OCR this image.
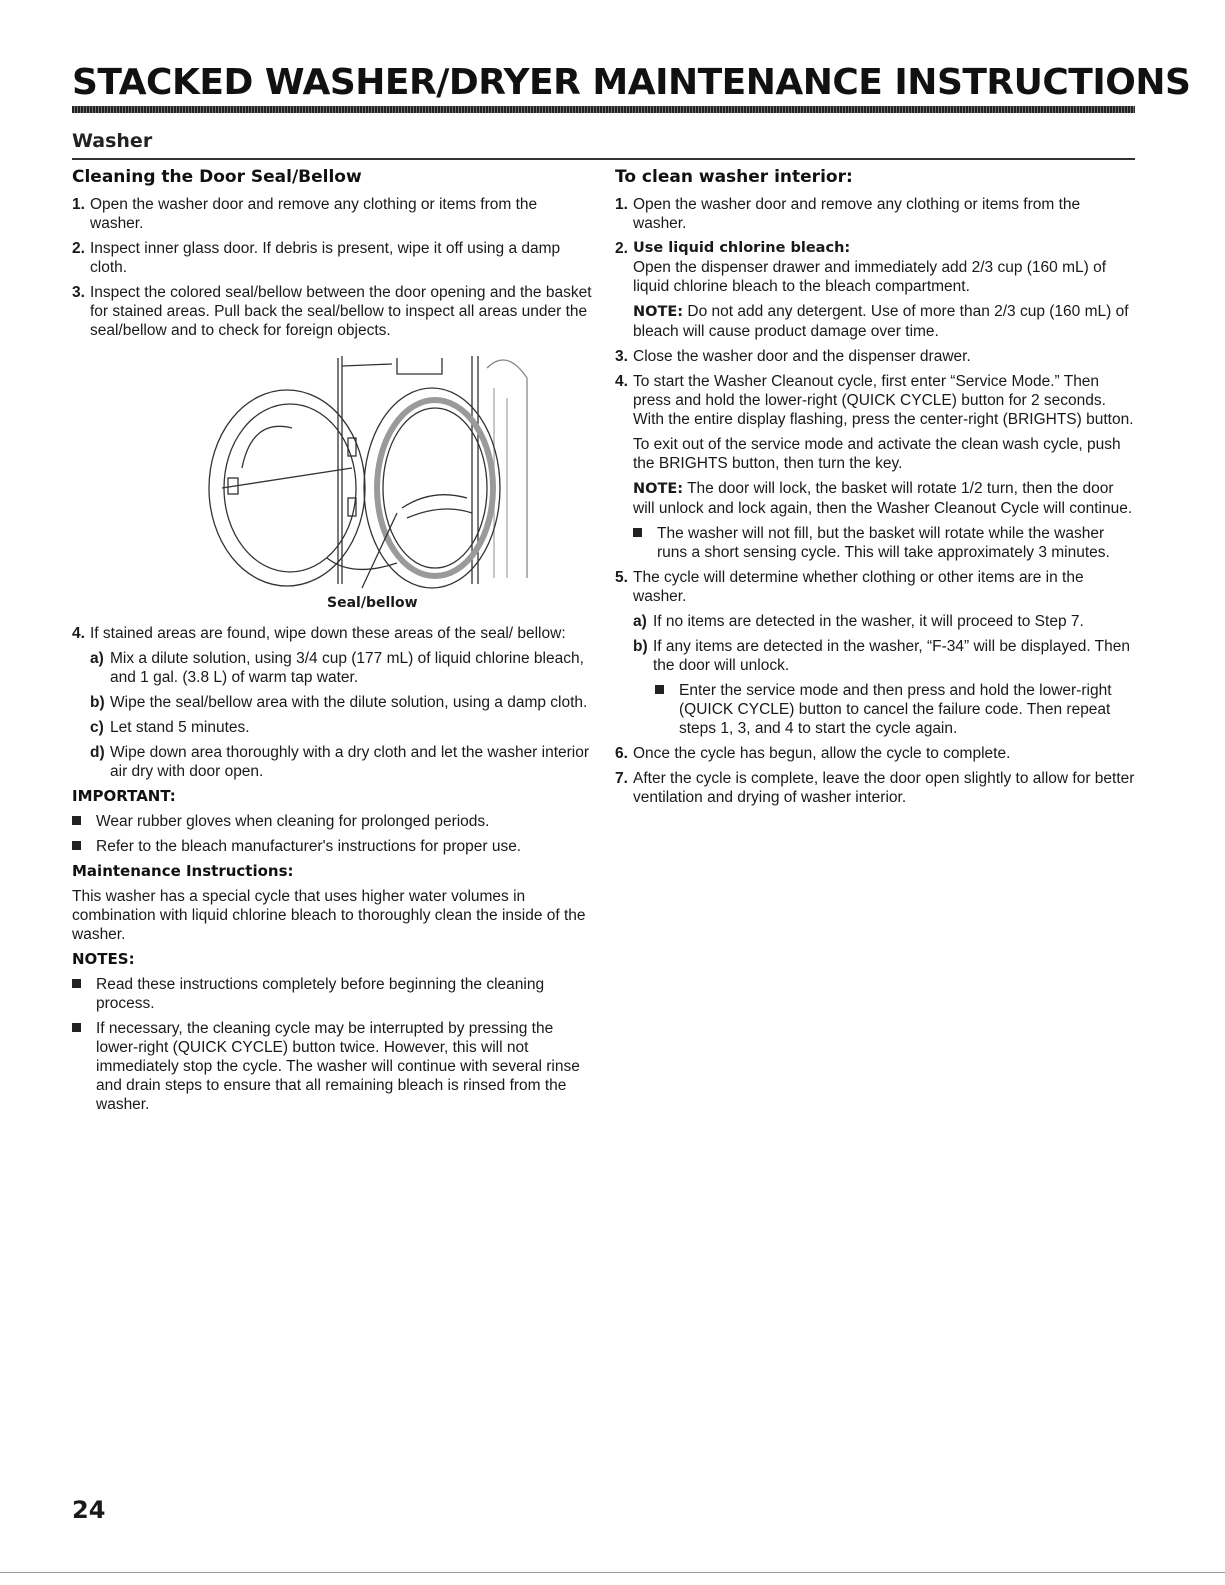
STACKED WASHER/DRYER MAINTENANCE INSTRUCTIONS
Washer
Cleaning the Door Seal/Bellow
1. Open the washer door and remove any clothing or items from the washer.
2. Inspect inner glass door. If debris is present, wipe it off using a damp cloth.
3. Inspect the colored seal/bellow between the door opening and the basket for stained areas. Pull back the seal/bellow to inspect all areas under the seal/bellow and to check for foreign objects.
Seal/bellow
4. If stained areas are found, wipe down these areas of the seal/ bellow:
a) Mix a dilute solution, using 3/4 cup (177 mL) of liquid chlorine bleach, and 1 gal. (3.8 L) of warm tap water.
b) Wipe the seal/bellow area with the dilute solution, using a damp cloth.
c) Let stand 5 minutes.
d) Wipe down area thoroughly with a dry cloth and let the washer interior air dry with door open.
IMPORTANT:
Wear rubber gloves when cleaning for prolonged periods.
Refer to the bleach manufacturer's instructions for proper use.
Maintenance Instructions:

This washer has a special cycle that uses higher water volumes in combination with liquid chlorine bleach to thoroughly clean the inside of the washer.

NOTES:
Read these instructions completely before beginning the cleaning process.
If necessary, the cleaning cycle may be interrupted by pressing the lower-right (QUICK CYCLE) button twice. However, this will not immediately stop the cycle. The washer will continue with several rinse and drain steps to ensure that all remaining bleach is rinsed from the washer.
To clean washer interior:
1. Open the washer door and remove any clothing or items from the washer.
2. Use liquid chlorine bleach:
Open the dispenser drawer and immediately add 2/3 cup (160 mL) of liquid chlorine bleach to the bleach compartment.

NOTE: Do not add any detergent. Use of more than 2/3 cup (160 mL) of bleach will cause product damage over time.

3. Close the washer door and the dispenser drawer.
4. To start the Washer Cleanout cycle, first enter “Service Mode.” Then press and hold the lower-right (QUICK CYCLE) button for 2 seconds. With the entire display flashing, press the center-right (BRIGHTS) button.

To exit out of the service mode and activate the clean wash cycle, push the BRIGHTS button, then turn the key.

NOTE: The door will lock, the basket will rotate 1/2 turn, then the door will unlock and lock again, then the Washer Cleanout Cycle will continue.

The washer will not fill, but the basket will rotate while the washer runs a short sensing cycle. This will take approximately 3 minutes.
5. The cycle will determine whether clothing or other items are in the washer.
a) If no items are detected in the washer, it will proceed to Step 7.
b) If any items are detected in the washer, “F-34” will be displayed. Then the door will unlock.
Enter the service mode and then press and hold the lower-right (QUICK CYCLE) button to cancel the failure code. Then repeat steps 1, 3, and 4 to start the cycle again.
6. Once the cycle has begun, allow the cycle to complete.
7. After the cycle is complete, leave the door open slightly to allow for better ventilation and drying of washer interior.

24
